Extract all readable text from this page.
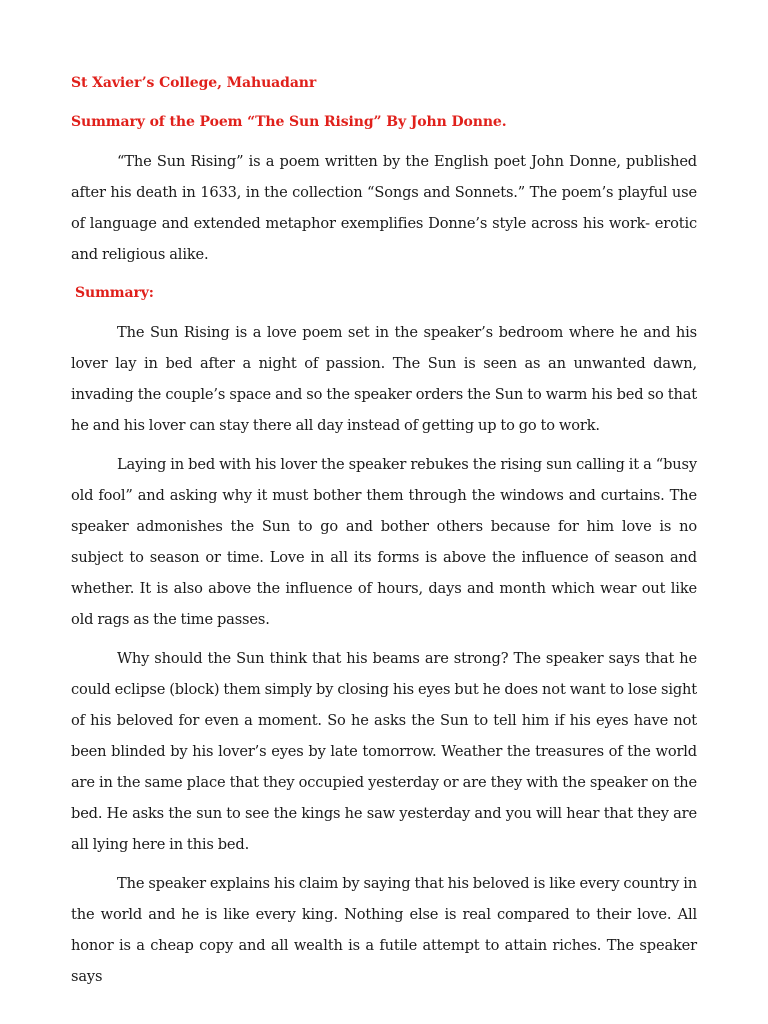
St Xavier’s College, Mahuadanr

Summary of the Poem “The Sun Rising” By John Donne.

“The Sun Rising” is a poem written by the English poet John Donne, published after his death in 1633, in the collection “Songs and Sonnets.” The poem’s playful use of language and extended metaphor exemplifies Donne’s style across his work- erotic and religious alike.

Summary:

The Sun Rising is a love poem set in the speaker’s bedroom where he and his lover lay in bed after a night of passion. The Sun is seen as an unwanted dawn, invading the couple’s space and so the speaker orders the Sun to warm his bed so that he and his lover can stay there all day instead of getting up to go to work.

Laying in bed with his lover the speaker rebukes the rising sun calling it a “busy old fool” and asking why it must bother them through the windows and curtains. The speaker admonishes the Sun to go and bother others because for him love is no subject to season or time. Love in all its forms is above the influence of season and whether. It is also above the influence of hours, days and month which wear out like old rags as the time passes.

Why should the Sun think that his beams are strong? The speaker says that he could eclipse (block) them simply by closing his eyes but he does not want to lose sight of his beloved for even a moment. So he asks the Sun to tell him if his eyes have not been blinded by his lover’s eyes by late tomorrow. Weather the treasures of the world are in the same place that they occupied yesterday or are they with the speaker on the bed. He asks the sun to see the kings he saw yesterday and you will hear that they are all lying here in this bed.

The speaker explains his claim by saying that his beloved is like every country in the world and he is like every king. Nothing else is real compared to their love. All honor is a cheap copy and all wealth is a futile attempt to attain riches. The speaker says
